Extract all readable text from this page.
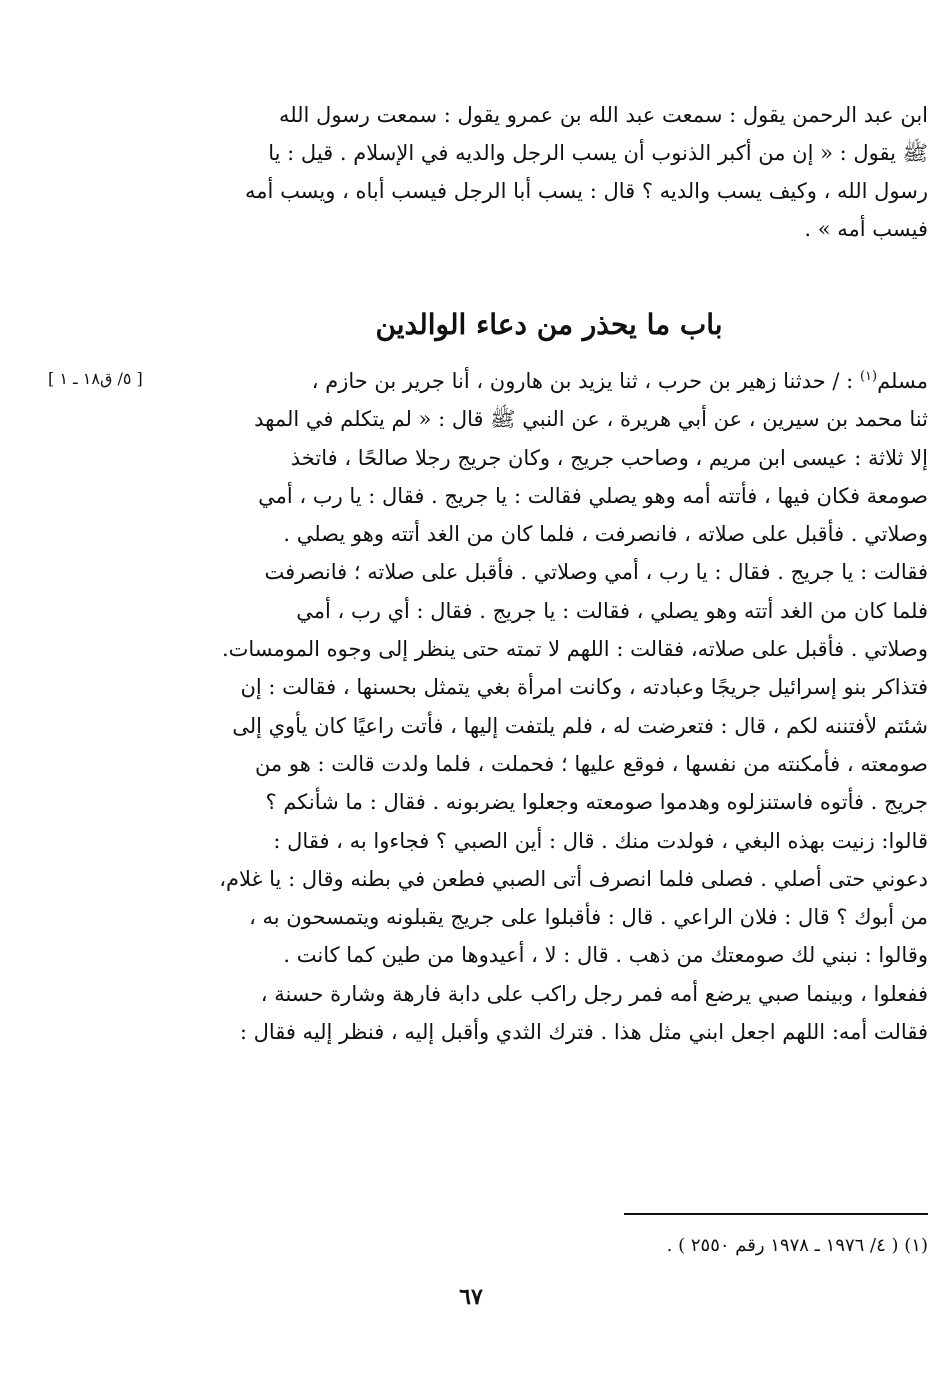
ابن عبد الرحمن يقول : سمعت عبد الله بن عمرو يقول : سمعت رسول الله
ﷺ يقول : « إن من أكبر الذنوب أن يسب الرجل والديه في الإسلام . قيل : يا
رسول الله ، وكيف يسب والديه ؟ قال : يسب أبا الرجل فيسب أباه ، ويسب أمه
فيسب أمه » .
باب ما يحذر من دعاء الوالدين
[ ٥/ ق١٨ ـ ١ ]	مسلم$^{(١)}$ : / حدثنا زهير بن حرب ، ثنا يزيد بن هارون ، أنا جرير بن حازم ،
ثنا محمد بن سيرين ، عن أبي هريرة ، عن النبي ﷺ قال : « لم يتكلم في المهد
إلا ثلاثة : عيسى ابن مريم ، وصاحب جريج ، وكان جريج رجلا صالحًا ، فاتخذ
صومعة فكان فيها ، فأتته أمه وهو يصلي فقالت : يا جريج . فقال : يا رب ، أمي
وصلاتي . فأقبل على صلاته ، فانصرفت ، فلما كان من الغد أتته وهو يصلي .
فقالت : يا جريج . فقال : يا رب ، أمي وصلاتي . فأقبل على صلاته ؛ فانصرفت
فلما كان من الغد أتته وهو يصلي ، فقالت : يا جريج . فقال : أي رب ، أمي
وصلاتي . فأقبل على صلاته، فقالت : اللهم لا تمته حتى ينظر إلى وجوه المومسات.
فتذاكر بنو إسرائيل جريجًا وعبادته ، وكانت امرأة بغي يتمثل بحسنها ، فقالت : إن
شئتم لأفتننه لكم ، قال : فتعرضت له ، فلم يلتفت إليها ، فأتت راعيًا كان يأوي إلى
صومعته ، فأمكنته من نفسها ، فوقع عليها ؛ فحملت ، فلما ولدت قالت : هو من
جريج . فأتوه فاستنزلوه وهدموا صومعته وجعلوا يضربونه . فقال : ما شأنكم ؟
قالوا: زنيت بهذه البغي ، فولدت منك . قال : أين الصبي ؟ فجاءوا به ، فقال :
دعوني حتى أصلي . فصلى فلما انصرف أتى الصبي فطعن في بطنه وقال : يا غلام،
من أبوك ؟ قال : فلان الراعي . قال : فأقبلوا على جريج يقبلونه ويتمسحون به ،
وقالوا : نبني لك صومعتك من ذهب . قال : لا ، أعيدوها من طين كما كانت .
ففعلوا ، وبينما صبي يرضع أمه فمر رجل راكب على دابة فارهة وشارة حسنة ،
فقالت أمه: اللهم اجعل ابني مثل هذا . فترك الثدي وأقبل إليه ، فنظر إليه فقال :
(١) ( ٤/ ١٩٧٦ ـ ١٩٧٨ رقم ٢٥٥٠ ) .
٦٧
